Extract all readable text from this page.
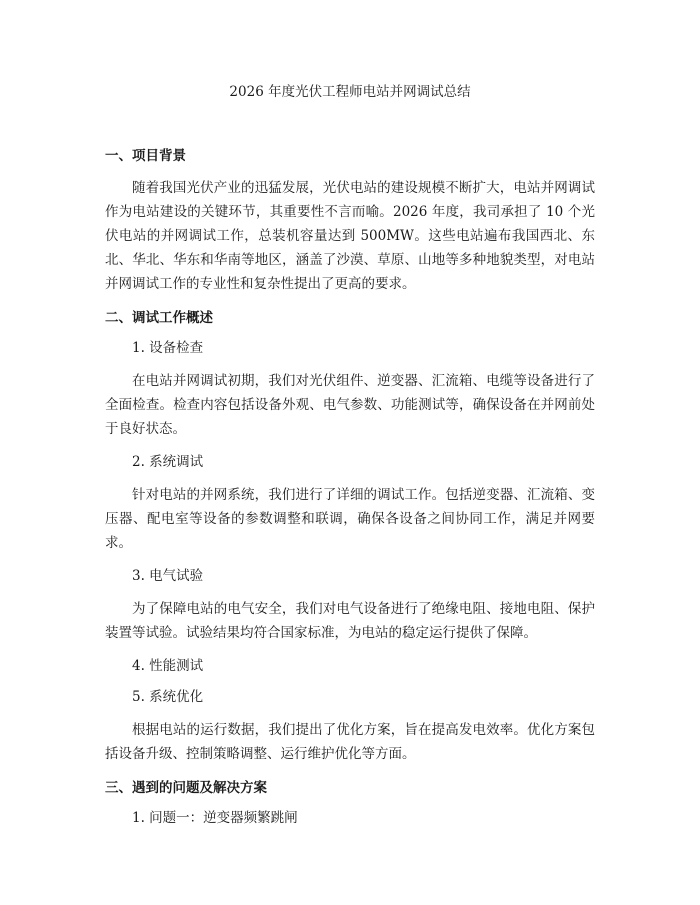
2026 年度光伏工程师电站并网调试总结
一、项目背景

随着我国光伏产业的迅猛发展，光伏电站的建设规模不断扩大，电站并网调试作为电站建设的关键环节，其重要性不言而喻。2026 年度，我司承担了 10 个光伏电站的并网调试工作，总装机容量达到 500MW。这些电站遍布我国西北、东北、华北、华东和华南等地区，涵盖了沙漠、草原、山地等多种地貌类型，对电站并网调试工作的专业性和复杂性提出了更高的要求。

二、调试工作概述

1. 设备检查

在电站并网调试初期，我们对光伏组件、逆变器、汇流箱、电缆等设备进行了全面检查。检查内容包括设备外观、电气参数、功能测试等，确保设备在并网前处于良好状态。

2. 系统调试

针对电站的并网系统，我们进行了详细的调试工作。包括逆变器、汇流箱、变压器、配电室等设备的参数调整和联调，确保各设备之间协同工作，满足并网要求。

3. 电气试验

为了保障电站的电气安全，我们对电气设备进行了绝缘电阻、接地电阻、保护装置等试验。试验结果均符合国家标准，为电站的稳定运行提供了保障。

4. 性能测试

5. 系统优化

根据电站的运行数据，我们提出了优化方案，旨在提高发电效率。优化方案包括设备升级、控制策略调整、运行维护优化等方面。

三、遇到的问题及解决方案

1. 问题一：逆变器频繁跳闸
